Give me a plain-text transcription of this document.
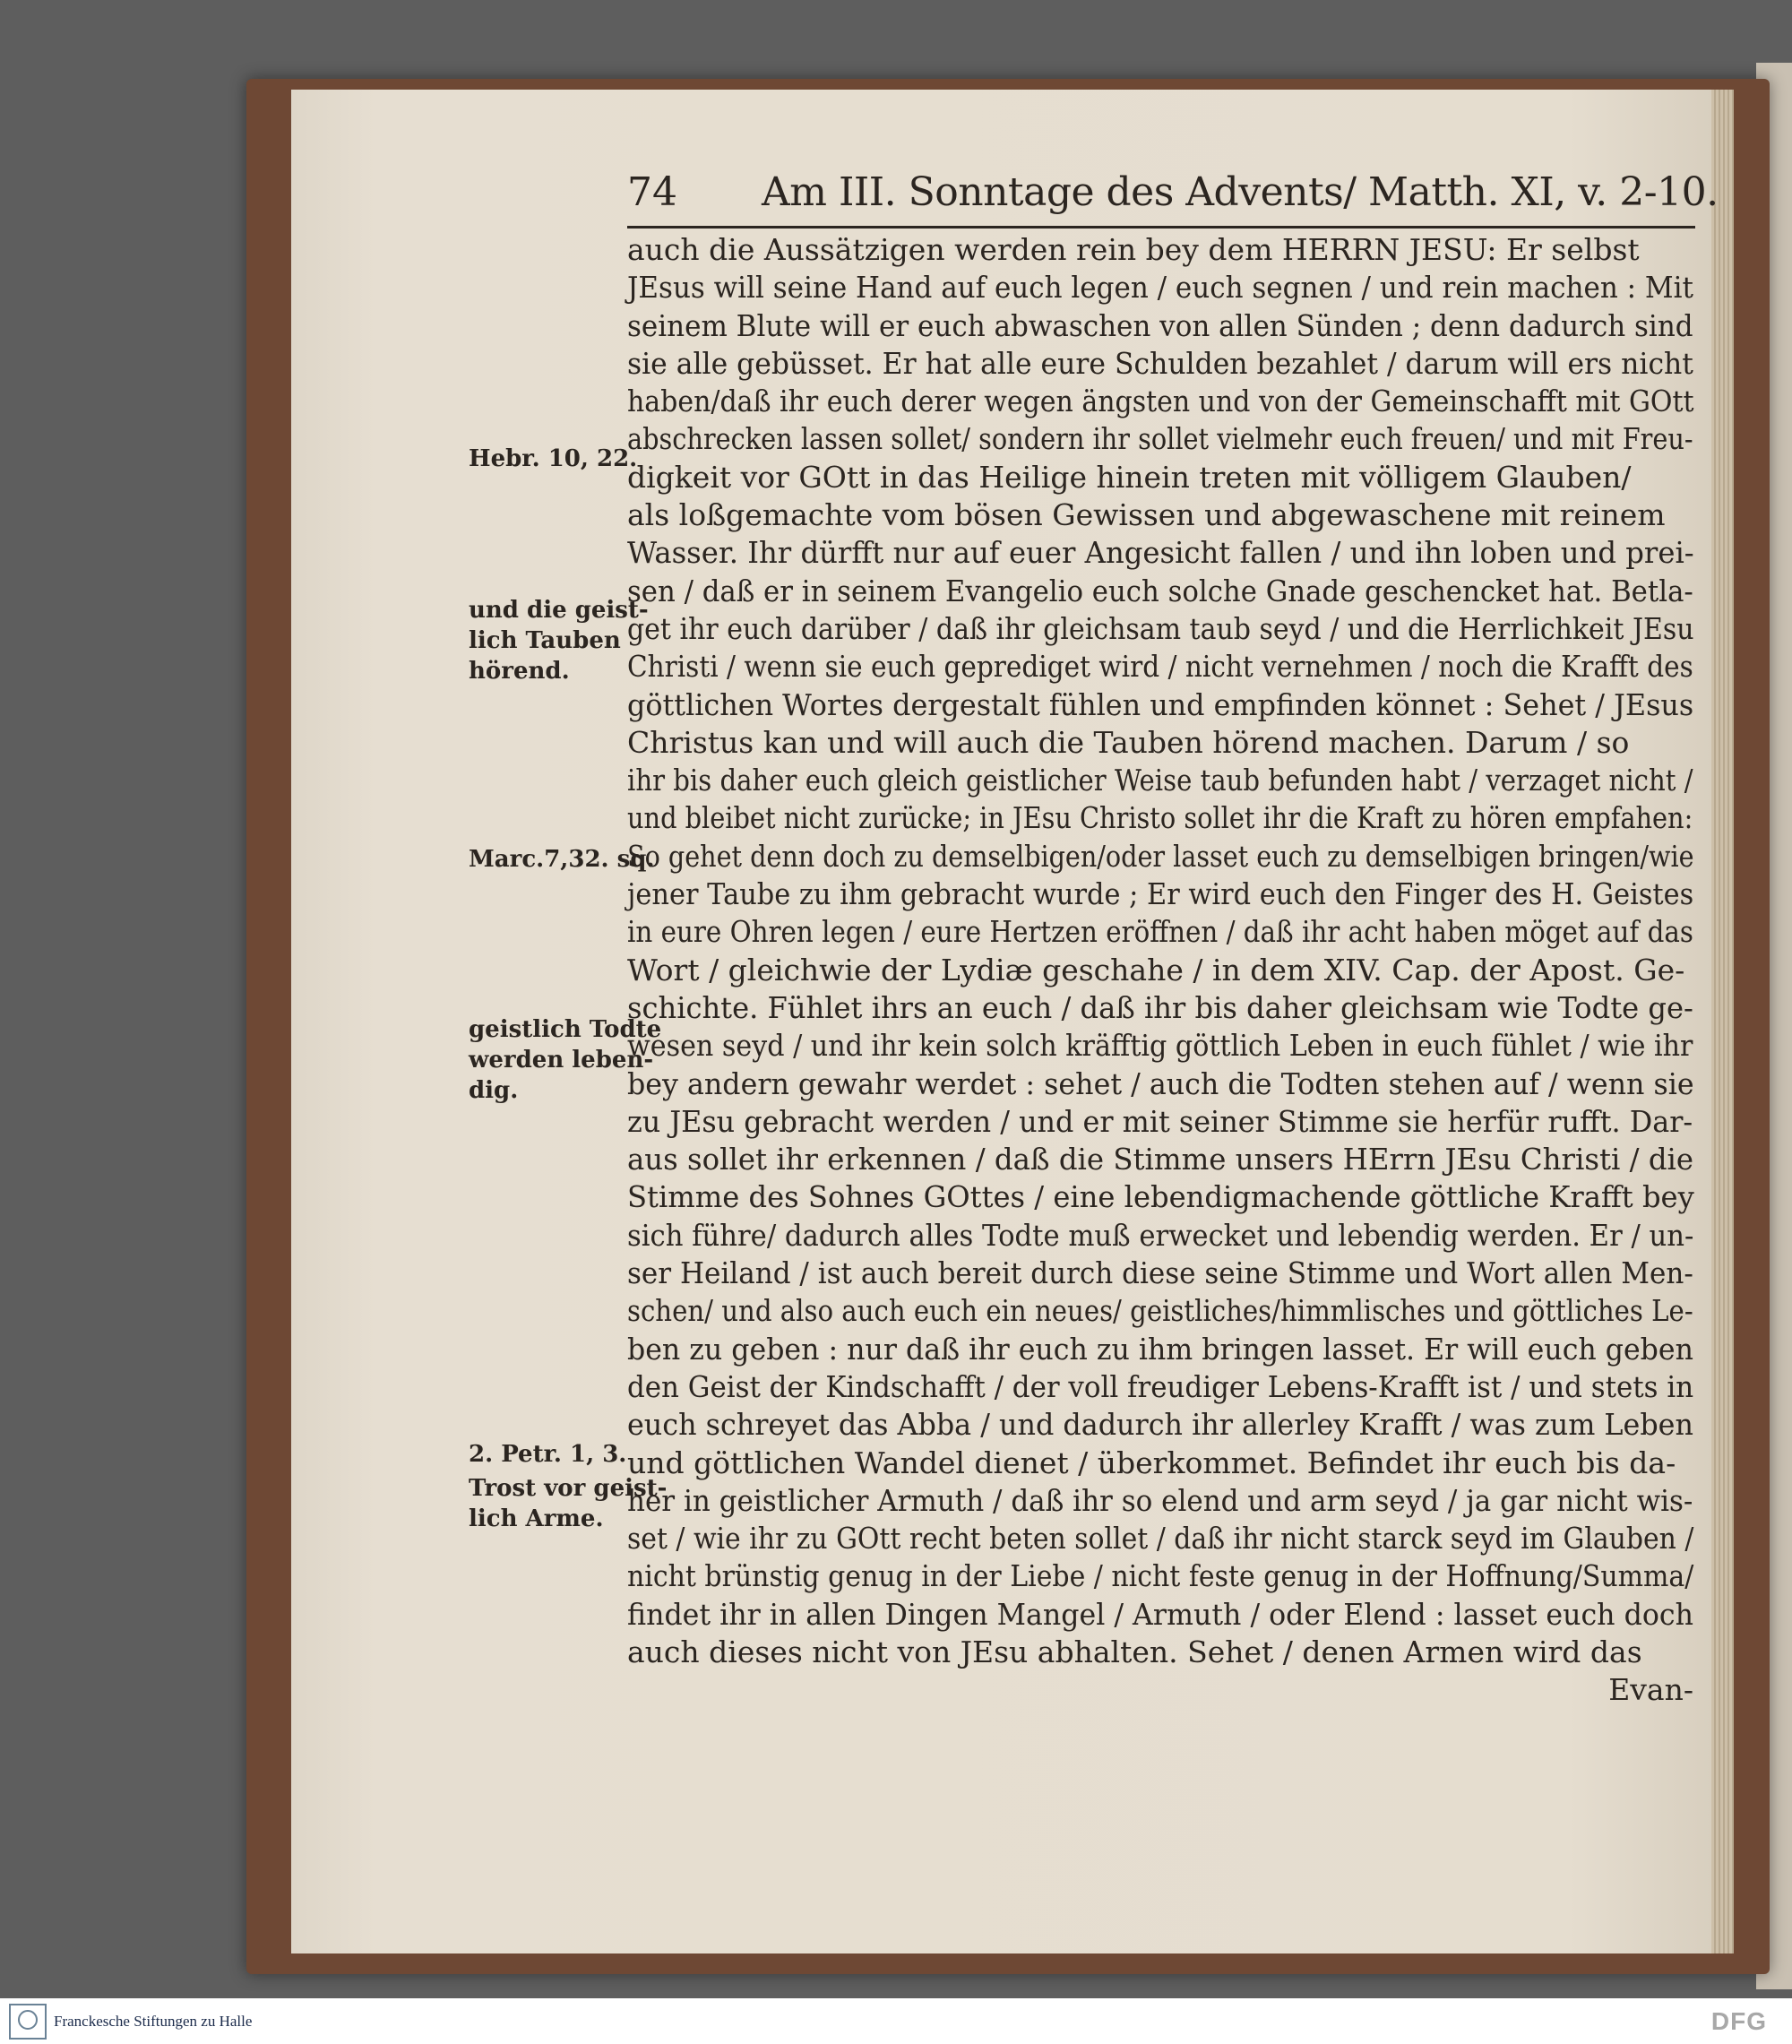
74 Am III. Sonntage des Advents/ Matth. XI, v. 2-10.
auch die Aussätzigen werden rein bey dem HERRN JESU: Er selbst
JEsus will seine Hand auf euch legen / euch segnen / und rein machen : Mit
seinem Blute will er euch abwaschen von allen Sünden ; denn dadurch sind
sie alle gebüsset. Er hat alle eure Schulden bezahlet / darum will ers nicht
haben/daß ihr euch derer wegen ängsten und von der Gemeinschafft mit GOtt
abschrecken lassen sollet/ sondern ihr sollet vielmehr euch freuen/ und mit Freu-
digkeit vor GOtt in das Heilige hinein treten mit völligem Glauben/
als loßgemachte vom bösen Gewissen und abgewaschene mit reinem
Wasser. Ihr dürfft nur auf euer Angesicht fallen / und ihn loben und prei-
sen / daß er in seinem Evangelio euch solche Gnade geschencket hat. Betla-
get ihr euch darüber / daß ihr gleichsam taub seyd / und die Herrlichkeit JEsu
Christi / wenn sie euch geprediget wird / nicht vernehmen / noch die Krafft des
göttlichen Wortes dergestalt fühlen und empfinden könnet : Sehet / JEsus
Christus kan und will auch die Tauben hörend machen. Darum / so
ihr bis daher euch gleich geistlicher Weise taub befunden habt / verzaget nicht /
und bleibet nicht zurücke; in JEsu Christo sollet ihr die Kraft zu hören empfahen:
So gehet denn doch zu demselbigen/oder lasset euch zu demselbigen bringen/wie
jener Taube zu ihm gebracht wurde ; Er wird euch den Finger des H. Geistes
in eure Ohren legen / eure Hertzen eröffnen / daß ihr acht haben möget auf das
Wort / gleichwie der Lydiæ geschahe / in dem XIV. Cap. der Apost. Ge-
schichte. Fühlet ihrs an euch / daß ihr bis daher gleichsam wie Todte ge-
wesen seyd / und ihr kein solch kräfftig göttlich Leben in euch fühlet / wie ihr
bey andern gewahr werdet : sehet / auch die Todten stehen auf / wenn sie
zu JEsu gebracht werden / und er mit seiner Stimme sie herfür rufft. Dar-
aus sollet ihr erkennen / daß die Stimme unsers HErrn JEsu Christi / die
Stimme des Sohnes GOttes / eine lebendigmachende göttliche Krafft bey
sich führe/ dadurch alles Todte muß erwecket und lebendig werden. Er / un-
ser Heiland / ist auch bereit durch diese seine Stimme und Wort allen Men-
schen/ und also auch euch ein neues/ geistliches/himmlisches und göttliches Le-
ben zu geben : nur daß ihr euch zu ihm bringen lasset. Er will euch geben
den Geist der Kindschafft / der voll freudiger Lebens-Krafft ist / und stets in
euch schreyet das Abba / und dadurch ihr allerley Krafft / was zum Leben
und göttlichen Wandel dienet / überkommet. Befindet ihr euch bis da-
her in geistlicher Armuth / daß ihr so elend und arm seyd / ja gar nicht wis-
set / wie ihr zu GOtt recht beten sollet / daß ihr nicht starck seyd im Glauben /
nicht brünstig genug in der Liebe / nicht feste genug in der Hoffnung/Summa/
findet ihr in allen Dingen Mangel / Armuth / oder Elend : lasset euch doch
auch dieses nicht von JEsu abhalten. Sehet / denen Armen wird das
Evan-
Hebr. 10, 22.
und die geist-
lich Tauben
hörend.
Marc.7,32. sq.
geistlich Todte
werden leben-
dig.
2. Petr. 1, 3.
Trost vor geist-
lich Arme.
Franckesche Stiftungen zu Halle	DFG
